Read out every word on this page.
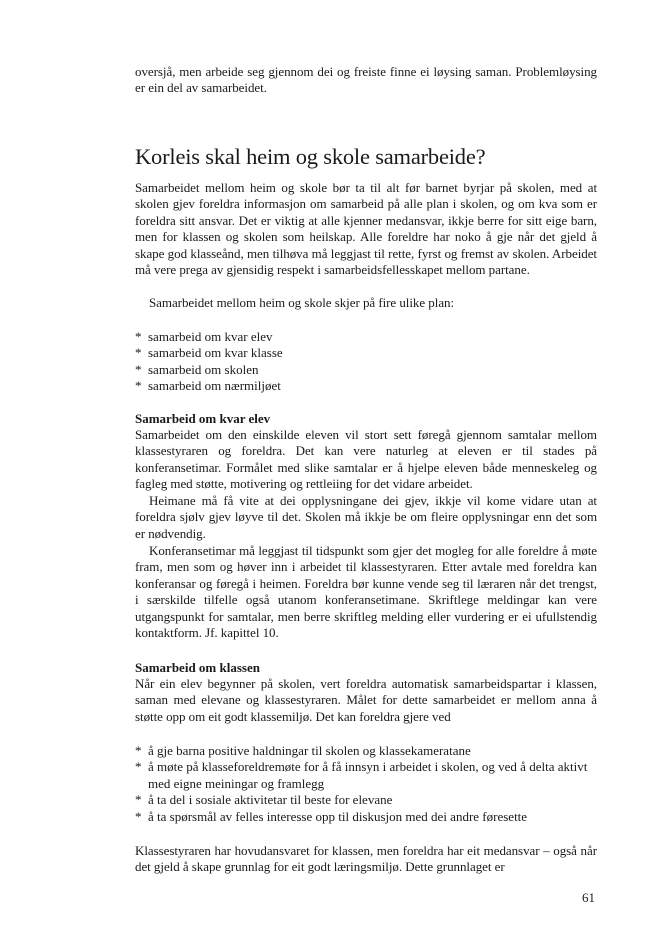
oversjå, men arbeide seg gjennom dei og freiste finne ei løysing saman. Problemløysing er ein del av samarbeidet.

Korleis skal heim og skole samarbeide?

Samarbeidet mellom heim og skole bør ta til alt før barnet byrjar på skolen, med at skolen gjev foreldra informasjon om samarbeid på alle plan i skolen, og om kva som er foreldra sitt ansvar. Det er viktig at alle kjenner medansvar, ikkje berre for sitt eige barn, men for klassen og skolen som heilskap. Alle foreldre har noko å gje når det gjeld å skape god klasseånd, men tilhøva må leggjast til rette, fyrst og fremst av skolen. Arbeidet må vere prega av gjensidig respekt i samarbeidsfellesskapet mellom partane.

Samarbeidet mellom heim og skole skjer på fire ulike plan:

* samarbeid om kvar elev
* samarbeid om kvar klasse
* samarbeid om skolen
* samarbeid om nærmiljøet
Samarbeid om kvar elev

Samarbeidet om den einskilde eleven vil stort sett føregå gjennom samtalar mellom klassestyraren og foreldra. Det kan vere naturleg at eleven er til stades på konferansetimar. Formålet med slike samtalar er å hjelpe eleven både menneskeleg og fagleg med støtte, motivering og rettleiing for det vidare arbeidet.

Heimane må få vite at dei opplysningane dei gjev, ikkje vil kome vidare utan at foreldra sjølv gjev løyve til det. Skolen må ikkje be om fleire opplysningar enn det som er nødvendig.

Konferansetimar må leggjast til tidspunkt som gjer det mogleg for alle foreldre å møte fram, men som og høver inn i arbeidet til klassestyraren. Etter avtale med foreldra kan konferansar og føregå i heimen. Foreldra bør kunne vende seg til læraren når det trengst, i særskilde tilfelle også utanom konferansetimane. Skriftlege meldingar kan vere utgangspunkt for samtalar, men berre skriftleg melding eller vurdering er ei ufullstendig kontaktform. Jf. kapittel 10.

Samarbeid om klassen

Når ein elev begynner på skolen, vert foreldra automatisk samarbeidspartar i klassen, saman med elevane og klassestyraren. Målet for dette samarbeidet er mellom anna å støtte opp om eit godt klassemiljø. Det kan foreldra gjere ved

* å gje barna positive haldningar til skolen og klassekameratane
* å møte på klasseforeldremøte for å få innsyn i arbeidet i skolen, og ved å delta aktivt med eigne meiningar og framlegg
* å ta del i sosiale aktivitetar til beste for elevane
* å ta spørsmål av felles interesse opp til diskusjon med dei andre føresette

Klassestyraren har hovudansvaret for klassen, men foreldra har eit medansvar – også når det gjeld å skape grunnlag for eit godt læringsmiljø. Dette grunnlaget er

61
